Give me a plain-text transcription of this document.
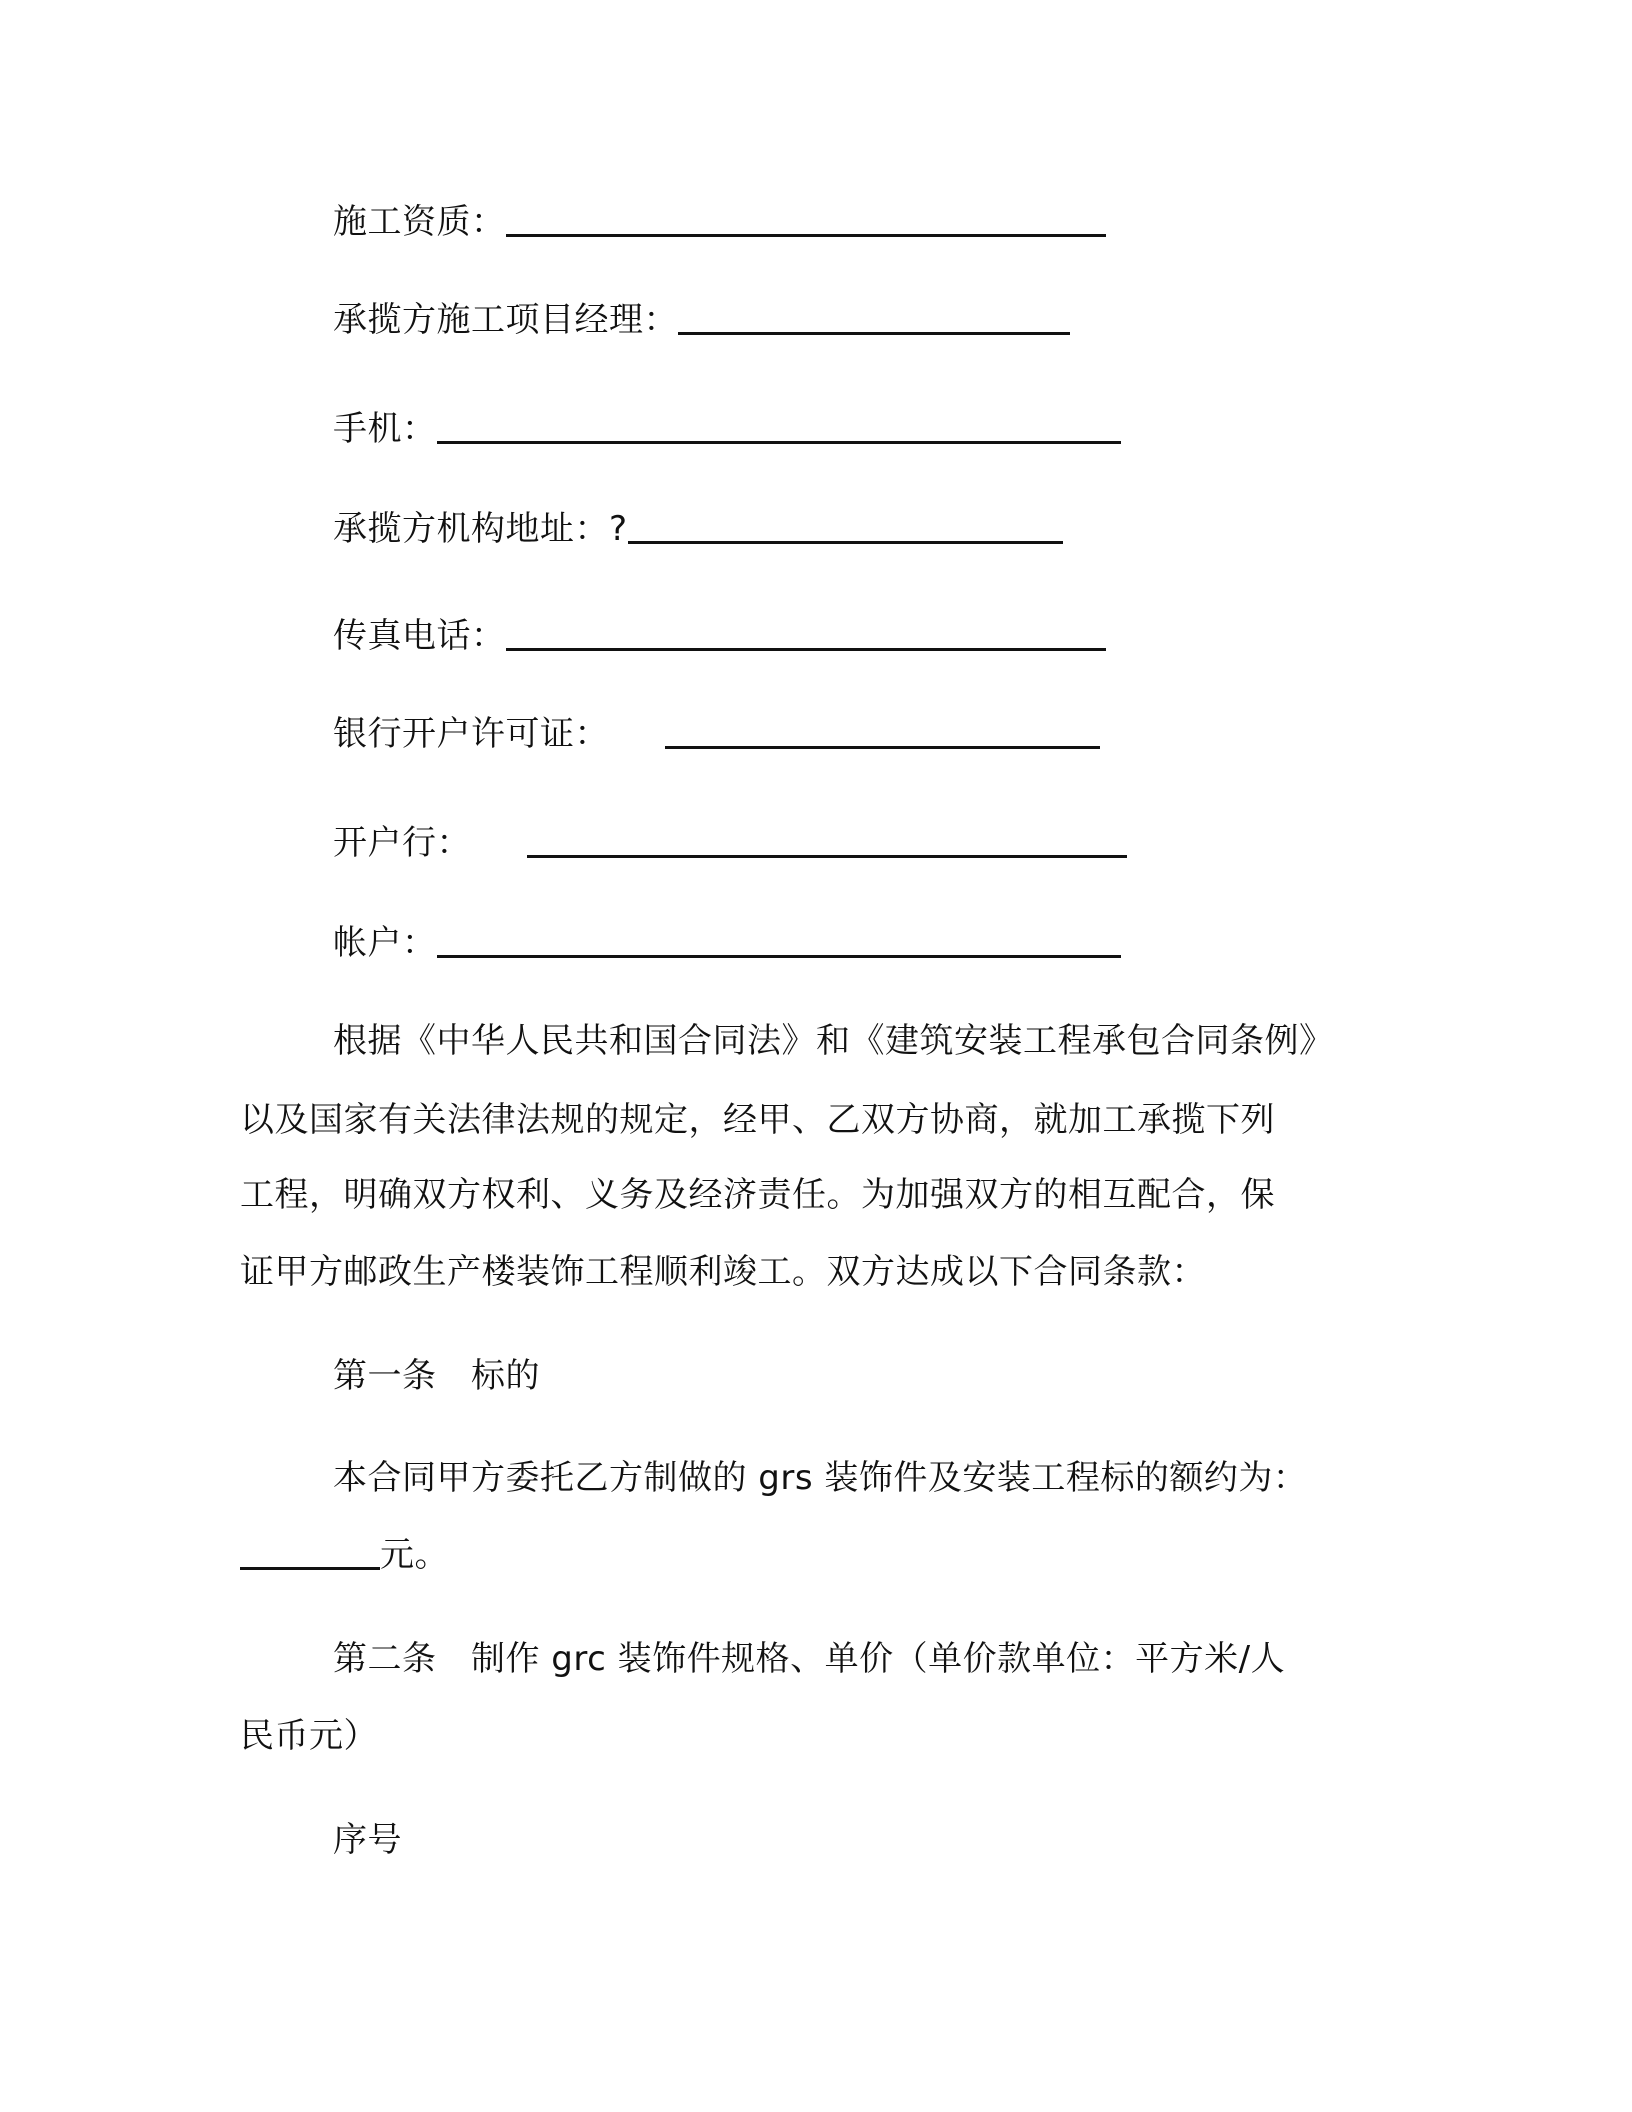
施工资质：
承揽方施工项目经理：
手机：
承揽方机构地址：?
传真电话：
银行开户许可证：
开户行：
帐户：
根据《中华人民共和国合同法》和《建筑安装工程承包合同条例》
以及国家有关法律法规的规定，经甲、乙双方协商，就加工承揽下列
工程，明确双方权利、义务及经济责任。为加强双方的相互配合，保
证甲方邮政生产楼装饰工程顺利竣工。双方达成以下合同条款：
第一条　标的
本合同甲方委托乙方制做的 grs 装饰件及安装工程标的额约为：
元。
第二条　制作 grc 装饰件规格、单价（单价款单位：平方米/人
民币元）
序号
